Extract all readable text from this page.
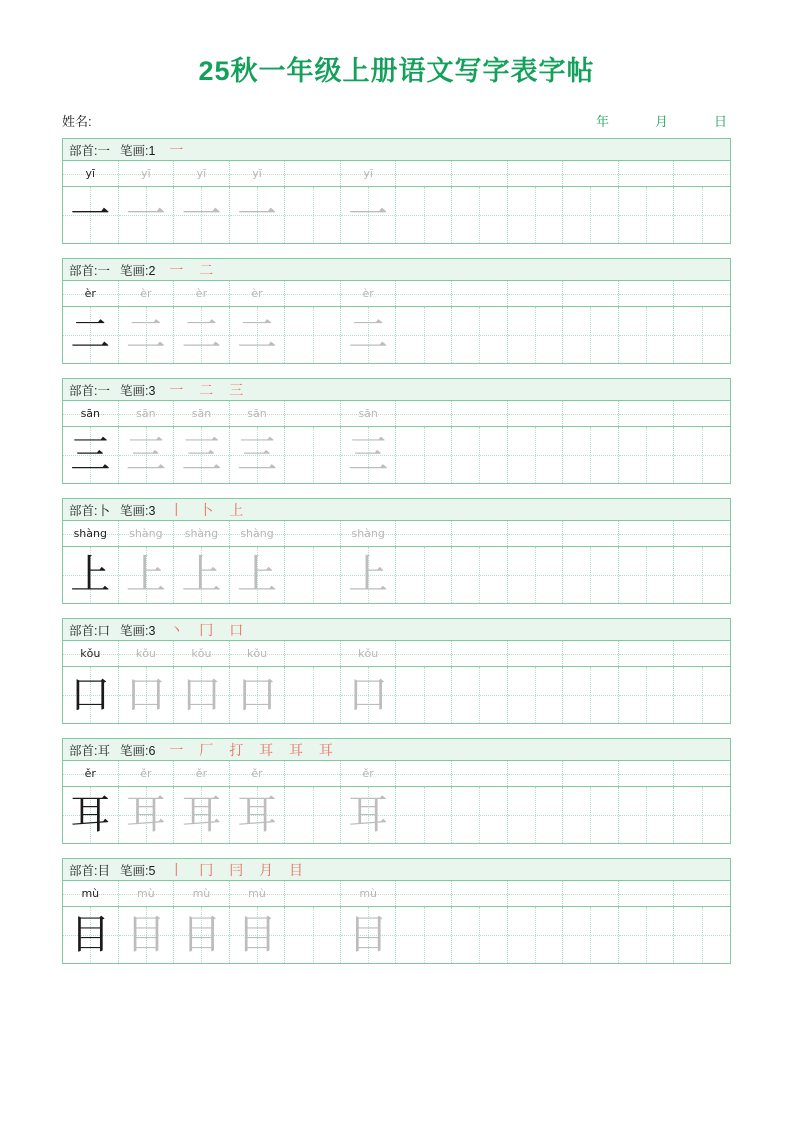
25秋一年级上册语文写字表字帖
姓名:	年	月	日
部首:一 笔画:1 一
yī	yī	yī	yī	yī
一 一 一 一 一
部首:一 笔画:2 一 二
èr	èr	èr	èr	èr
二 二 二 二 二
部首:一 笔画:3 一 二 三
sān	sān	sān	sān	sān
三 三 三 三 三
部首:卜 笔画:3 丨 卜 上
shàng shàng shàng shàng	shàng
上 上 上 上 上
部首:口 笔画:3 丶 冂 口
kǒu	kǒu	kǒu	kǒu	kǒu
口 口 口 口 口
部首:耳 笔画:6 一 厂 打 耳 耳 耳
ěr	ěr	ěr	ěr	ěr
耳 耳 耳 耳 耳
部首:目 笔画:5 丨 冂 冃 月 目
mù	mù	mù	mù	mù
目 目 目 目 目
